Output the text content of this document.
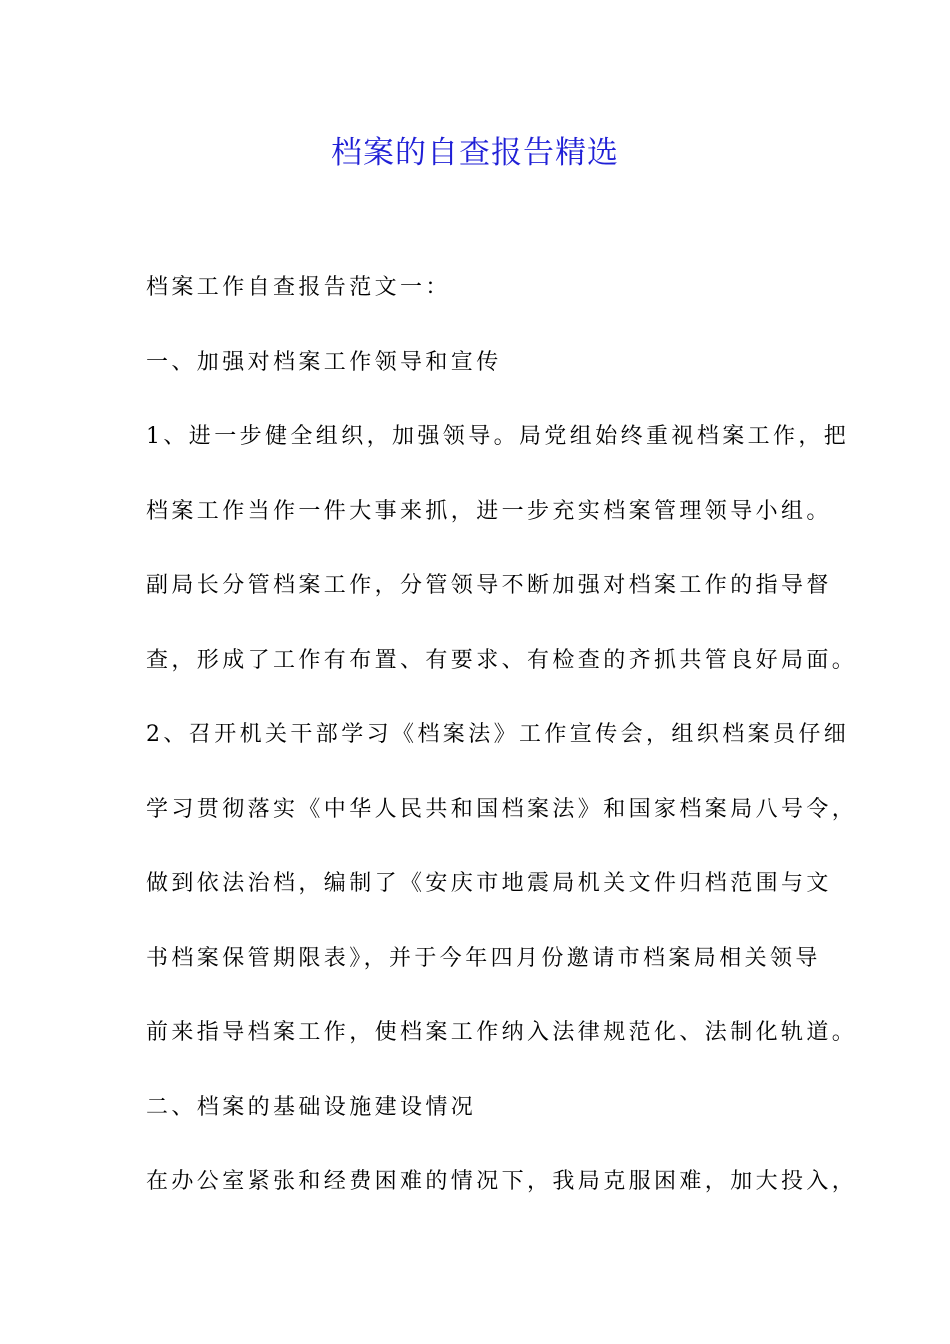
档案的自查报告精选
档案工作自查报告范文一：
一、加强对档案工作领导和宣传
1、进一步健全组织，加强领导。局党组始终重视档案工作，把
档案工作当作一件大事来抓，进一步充实档案管理领导小组。
副局长分管档案工作，分管领导不断加强对档案工作的指导督
查，形成了工作有布置、有要求、有检查的齐抓共管良好局面。
2、召开机关干部学习《档案法》工作宣传会，组织档案员仔细
学习贯彻落实《中华人民共和国档案法》和国家档案局八号令，
做到依法治档，编制了《安庆市地震局机关文件归档范围与文
书档案保管期限表》，并于今年四月份邀请市档案局相关领导
前来指导档案工作，使档案工作纳入法律规范化、法制化轨道。
二、档案的基础设施建设情况
在办公室紧张和经费困难的情况下，我局克服困难，加大投入，
